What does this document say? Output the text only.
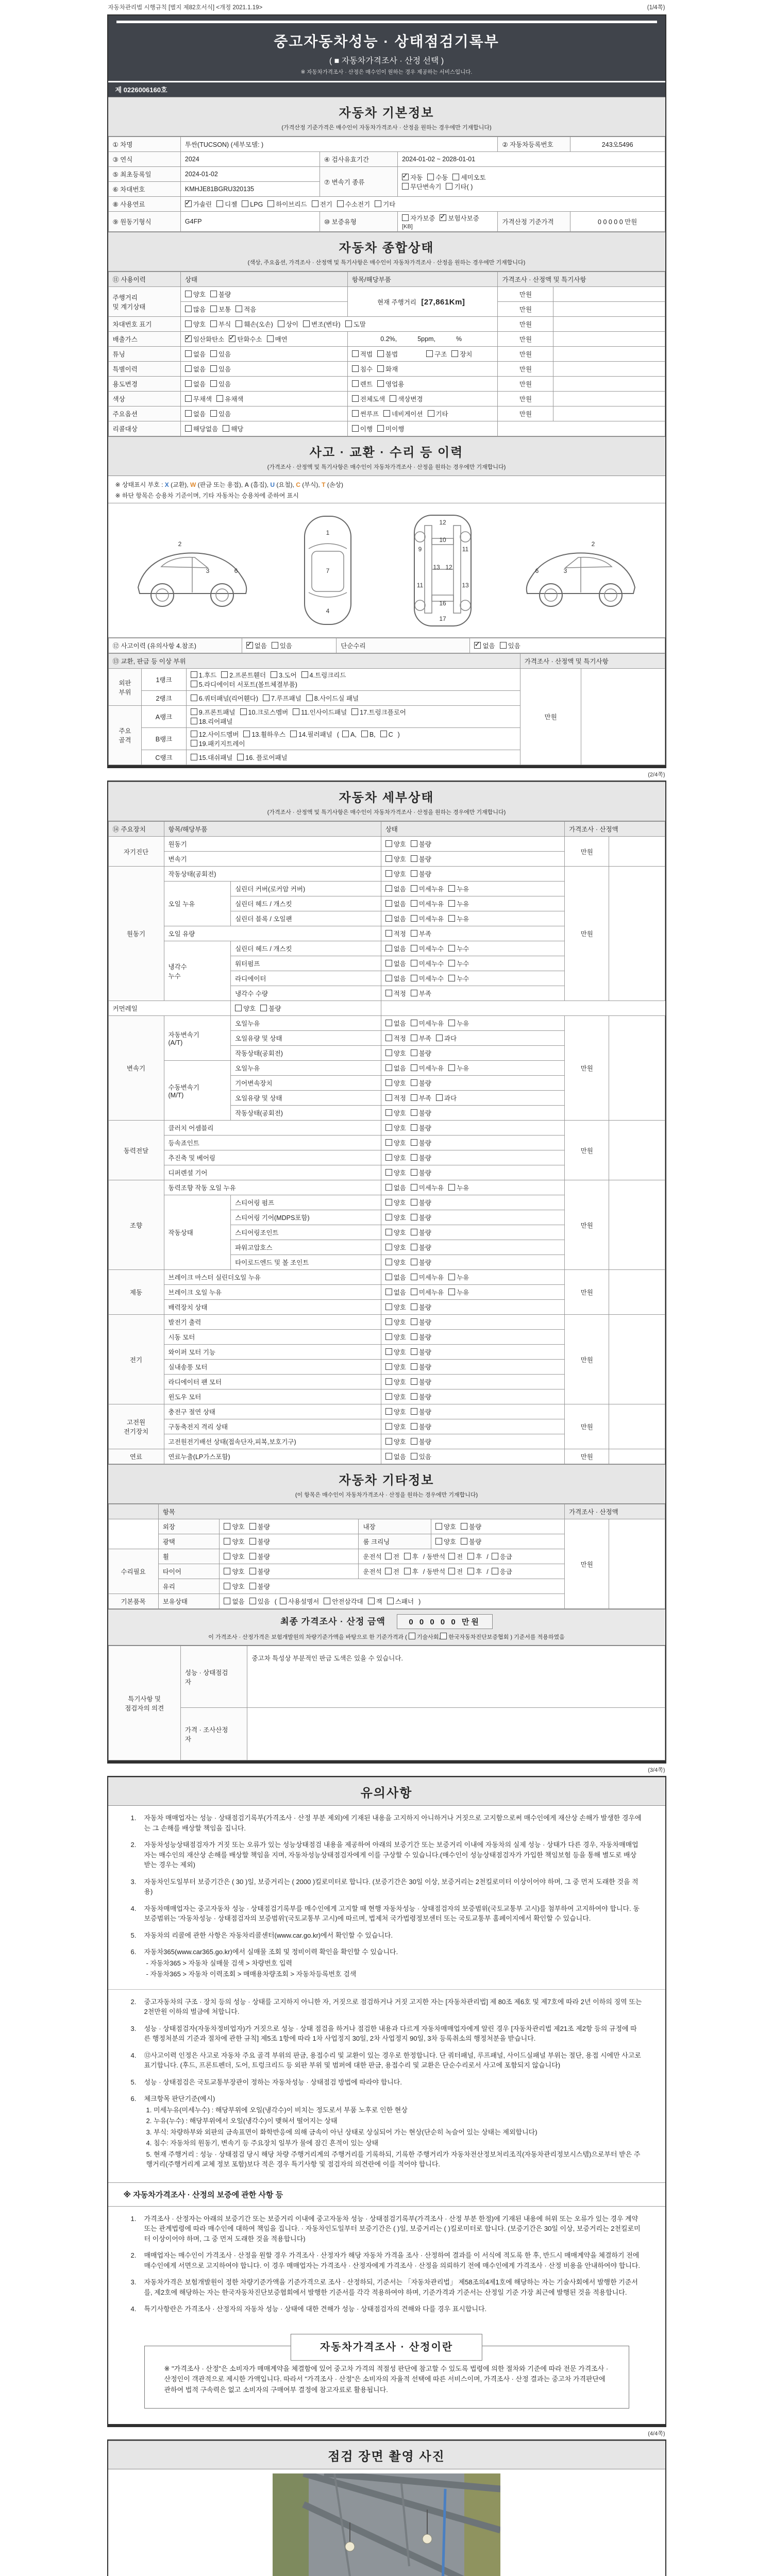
자동차관리법 시행규칙 [별지 제82호서식] <개정 2021.1.19>	(1/4쪽)
중고자동차성능 · 상태점검기록부
( ■ 자동차가격조사 · 산정 선택 )
※ 자동차가격조사 · 산정은 매수인이 원하는 경우 제공하는 서비스입니다.
제 0226006160호
자동차 기본정보
(가격산정 기준가격은 매수인이 자동차가격조사 · 산정을 원하는 경우에만 기재합니다)
① 차명	투싼(TUCSON) (세부모델: )			② 자동차등록번호	243오5496
③ 연식	2024	④ 검사유효기간	2024-01-02 ~ 2028-01-01		
⑤ 최초등록일	2024-01-02	⑦ 변속기 종류	✓자동 수동 세미오토
무단변속기 기타( )
⑥ 차대번호	KMHJE81BGRU320135				
⑧ 사용연료	✓가솔린 디젤 LPG 하이브리드 전기 수소전기 기타
⑨ 원동기형식	G4FP	⑩ 보증유형	자가보증 ✓ 보험사보증[KB]	가격산정 기준가격	0 0 0 0 0 만원
자동차 종합상태
(색상, 주요옵션, 가격조사 · 산정액 및 특기사항은 매수인이 자동차가격조사 · 산정을 원하는 경우에만 기재합니다)
⑪ 사용이력	상태	항목/해당부품	가격조사 · 산정액 및 특기사항	
주행거리
및 계기상태	양호 불량	현재 주행거리 [27,861Km]	만원	
	많음 보통 적음		만원	
차대번호 표기	양호 부식 훼손(오손) 상이 변조(변타) 도말		만원	
배출가스	✓일산화탄소 ✓ 탄화수소 매연	0.2%, 5ppm, %	만원	
튜닝	없음 있음	적법 불법 구조 장치	만원	
특별이력	없음 있음	침수 화재	만원	
용도변경	없음 있음	렌트 영업용	만원	
색상	무채색 유채색	전체도색 색상변경	만원	
주요옵션	없음 있음	썬루프 네비게이션 기타	만원	
리콜대상	해당없음 해당	이행 미이행		
사고 · 교환 · 수리 등 이력
(가격조사 · 산정액 및 특기사항은 매수인이 자동차가격조사 · 산정을 원하는 경우에만 기재합니다)
※ 상태표시 부호 : X (교환), W (판금 또는 용접), A (흠집), U (요철), C (부식), T (손상)
※ 하단 항목은 승용차 기준이며, 기타 자동차는 승용차에 준하여 표시
2
3	6
1
7
4
9	11
11	13
13 12
12
10
16
17
6	3
2
⑫ 사고이력 (유의사항 4.참조)	✓없음 있음	단순수리	✓없음 있음
⑬ 교환, 판금 등 이상 부위			가격조사 · 산정액 및 특기사항	
외판
부위	1랭크	1.후드 2.프론트휀더 3.도어 4.트렁크리드
5.라디에이터 서포트(볼트체결부품)	만원	
	2랭크	6.쿼터패널(리어휀다) 7.루프패널 8.사이드실 패널		
주요
골격	A랭크	9.프론트패널 10.크로스멤버 11.인사이드패널 17.트렁크플로어
18.리어패널		
	B랭크	12.사이드멤버 13.휠하우스 14.필러패널 ( A, B, C )
19.패키지트레이		
	C랭크	15.대쉬패널 16. 플로어패널		
(2/4쪽)
자동차 세부상태
(가격조사 · 산정액 및 특기사항은 매수인이 자동차가격조사 · 산정을 원하는 경우에만 기재합니다)
⑭ 주요장치	항목/해당부품		상태	가격조사 · 산정액	
자기진단	원동기		양호 불량	만원	
	변속기		양호 불량		
원동기	작동상태(공회전)		양호 불량	만원	
	오일 누유	실린더 커버(로커암 커버)	없음 미세누유 누유		
		실린더 헤드 / 개스킷	없음 미세누유 누유		
		실린더 블록 / 오일팬	없음 미세누유 누유		
	오일 유량		적정 부족		
	냉각수
누수	실린더 헤드 / 개스킷	없음 미세누수 누수		
		워터펌프	없음 미세누수 누수		
		라디에이터	없음 미세누수 누수		
		냉각수 수량	적정 부족		
커먼레일		양호 불량			
변속기	자동변속기
(A/T)	오일누유	없음 미세누유 누유	만원	
		오일유량 및 상태	적정 부족 과다		
		작동상태(공회전)	양호 불량		
	수동변속기
(M/T)	오일누유	없음 미세누유 누유		
		기어변속장치	양호 불량		
		오일유량 및 상태	적정 부족 과다		
		작동상태(공회전)	양호 불량		
동력전달	클러치 어셈블리		양호 불량	만원	
	등속죠인트		양호 불량		
	추진축 및 베어링		양호 불량		
	디퍼렌셜 기어		양호 불량		
조향	동력조향 작동 오일 누유		없음 미세누유 누유	만원	
	작동상태	스티어링 펌프	양호 불량		
		스티어링 기어(MDPS포함)	양호 불량		
		스티어링조인트	양호 불량		
		파워고압호스	양호 불량		
		타이로드엔드 및 볼 조인트	양호 불량		
제동	브레이크 마스터 실린더오일 누유		없음 미세누유 누유	만원	
	브레이크 오일 누유		없음 미세누유 누유		
	배력장치 상태		양호 불량		
전기	발전기 출력		양호 불량	만원	
	시동 모터		양호 불량		
	와이퍼 모터 기능		양호 불량		
	실내송풍 모터		양호 불량		
	라디에이터 팬 모터		양호 불량		
	윈도우 모터		양호 불량		
고전원
전기장치	충전구 절연 상태		양호 불량	만원	
	구동축전지 격리 상태		양호 불량		
	고전원전기배선 상태(접속단자,피복,보호기구)		양호 불량		
연료	연료누출(LP가스포함)		없음 있음	만원	
자동차 기타정보
(이 항목은 매수인이 자동차가격조사 · 산정을 원하는 경우에만 기재합니다)
	항목				가격조사 · 산정액	
	외장	양호 불량	내장	양호 불량	만원	
	광택	양호 불량	룸 크리닝	양호 불량		
수리필요	휠	양호 불량	운전석 전 후 / 동반석 전 후 / 응급			
	타이어	양호 불량	운전석 전 후 / 동반석 전 후 / 응급			
	유리	양호 불량				
기본품목	보유상태	없음 있음 ( 사용설명서 안전삼각대 잭 스패너 )				
최종 가격조사 · 산정 금액	0 0 0 0 0 만원
이 가격조사 · 산정가격은 보험개발원의 차량기준가액을 바탕으로 한 기준가격과 ( 기술사회, 한국자동차진단보증협회 ) 기준서를 적용하였음
특기사항 및
점검자의 의견	성능 · 상태점검
자	중고차 특성상 부분적인 판금 도색은 있을 수 있습니다.
	가격 · 조사산정
자	
(3/4쪽)
유의사항
1.	자동차 매매업자는 성능 · 상태점검기록부(가격조사 · 산정 부분 제외)에 기재된 내용을 고지하지 아니하거나 거짓으로 고지함으로써 매수인에게 재산상 손해가 발생한 경우에는 그 손해를 배상할 책임을 집니다.
2.	자동차성능상태점검자가 거짓 또는 오류가 있는 성능상태점검 내용을 제공하여 아래의 보증기간 또는 보증거리 이내에 자동차의 실제 성능 · 상태가 다른 경우, 자동차매매업자는 매수인의 재산상 손해를 배상할 책임을 지며, 자동차성능상태점검자에게 이를 구상할 수 있습니다.(매수인이 성능상태점검자가 가입한 책임보험 등을 통해 별도로 배상받는 경우는 제외)
3.	자동차인도일부터 보증기간은 ( 30 )일, 보증거리는 ( 2000 )킬로미터로 합니다. (보증기간은 30일 이상, 보증거리는 2천킬로미터 이상이어야 하며, 그 중 먼저 도래한 것을 적용)
4.	자동차매매업자는 중고자동차 성능 · 상태점검기록부를 매수인에게 고지할 때 현행 자동차성능 · 상태점검자의 보증범위(국토교통부 고시)를 첨부하여 고지하여야 합니다. 동 보증범위는 '자동차성능 · 상태점검자의 보증범위'(국토교통부 고시)에 따르며, 법제처 국가법령정보센터 또는 국토교통부 홈페이지에서 확인할 수 있습니다.
5.	자동차의 리콜에 관한 사항은 자동차리콜센터(www.car.go.kr)에서 확인할 수 있습니다.
6.	자동차365(www.car365.go.kr)에서 실매물 조회 및 정비이력 확인을 확인할 수 있습니다.
- 자동차365 > 자동차 실매물 검색 > 차량번호 입력
- 자동차365 > 자동차 이력조회 > 매매용차량조회 > 자동차등록번호 검색
2.	중고자동차의 구조 · 장치 등의 성능 · 상태를 고지하지 아니한 자, 거짓으로 점검하거나 거짓 고지한 자는 [자동차관리법] 제 80조 제6호 및 제7호에 따라 2년 이하의 징역 또는 2천만원 이하의 벌금에 처합니다.
3.	성능 · 상태점검자(자동차정비업자)가 거짓으로 성능 · 상태 점검을 하거나 점검한 내용과 다르게 자동차매매업자에게 알린 경우 [자동차관리법 제21조 제2항 등의 규정에 따른 행정처분의 기준과 절차에 관한 규칙] 제5조 1항에 따라 1차 사업정지 30일, 2차 사업정지 90일, 3차 등록취소의 행정처분을 받습니다.
4.	⑫사고이력 인정은 사고로 자동차 주요 골격 부위의 판금, 용접수리 및 교환이 있는 경우로 한정합니다. 단 쿼터패널, 루프패널, 사이드실패널 부위는 절단, 용접 시에만 사고로 표기합니다. (후드, 프론트펜더, 도어, 트렁크리드 등 외판 부위 및 범퍼에 대한 판금, 용접수리 및 교환은 단순수리로서 사고에 포함되지 않습니다)
5.	성능 · 상태점검은 국토교통부장관이 정하는 자동차성능 · 상태점검 방법에 따라야 합니다.
6.	체크항목 판단기준(예시)
1. 미세누유(미세누수) : 해당부위에 오일(냉각수)이 비치는 정도로서 부품 노후로 인한 현상
2. 누유(누수) : 해당부위에서 오일(냉각수)이 맺혀서 떨어지는 상태
3. 부식: 차량하부와 외판의 금속표면이 화학반응에 의해 금속이 아닌 상태로 상실되어 가는 현상(단순히 녹슬어 있는 상태는 제외합니다)
4. 침수: 자동차의 원동기, 변속기 등 주요장치 일부가 물에 잠긴 흔적이 있는 상태
5. 현재 주행거리 : 성능 · 상태점검 당시 해당 차량 주행거리계의 주행거리를 기록하되, 기록한 주행거리가 자동차전산정보처리조직(자동차관리정보시스템)으로부터 받은 주행거리(주행거리계 교체 정보 포함)보다 적은 경우 특기사항 및 점검자의 의견란에 이를 적어야 합니다.
※ 자동차가격조사 · 산정의 보증에 관한 사항 등
1.	가격조사 · 산정자는 아래의 보증기간 또는 보증거리 이내에 중고자동차 성능 · 상태점검기록부(가격조사 · 산정 부분 한정)에 기재된 내용에 허위 또는 오류가 있는 경우 계약 또는 관계법령에 따라 매수인에 대하여 책임을 집니다. · 자동차인도일부터 보증기간은 ( )일, 보증거리는 ( )킬로미터로 합니다. (보증기간은 30일 이상, 보증거리는 2천킬로미터 이상이어야 하며, 그 중 먼저 도래한 것을 적용합니다)
2.	매매업자는 매수인이 가격조사 · 산정을 원할 경우 가격조사 · 산정자가 해당 자동차 가격을 조사 · 산정하여 결과를 이 서식에 적도록 한 후, 반드시 매매계약을 체결하기 전에 매수인에게 서면으로 고지하여야 합니다. 이 경우 매매업자는 가격조사 · 산정자에게 가격조사 · 산정을 의뢰하기 전에 매수인에게 가격조사 · 산정 비용을 안내하여야 합니다.
3.	자동차가격은 보험개발원이 정한 차량기준가액을 기준가격으로 조사 · 산정하되, 기준서는 「자동차관리법」 제58조의4제1호에 해당하는 자는 기술사회에서 발행한 기준서를, 제2호에 해당하는 자는 한국자동차진단보증협회에서 발행한 기준서를 각각 적용하여야 하며, 기준가격과 기준서는 산정일 기준 가장 최근에 발행된 것을 적용합니다.
4.	특기사항란은 가격조사 · 산정자의 자동차 성능 · 상태에 대한 견해가 성능 · 상태점검자의 견해와 다를 경우 표시합니다.
자동차가격조사 · 산정이란
※ "가격조사 · 산정"은 소비자가 매매계약을 체결함에 있어 중고차 가격의 적절성 판단에 참고할 수 있도록 법령에 의한 절차와 기준에 따라 전문 가격조사 · 산정인이 객관적으로 제시한 가액입니다. 따라서 "가격조사 · 산정"은 소비자의 자율적 선택에 따른 서비스이며, 가격조사 · 산정 결과는 중고차 가격판단에 관하여 법적 구속력은 없고 소비자의 구매여부 결정에 참고자료로 활용됩니다.
(4/4쪽)
점검 장면 촬영 사진
